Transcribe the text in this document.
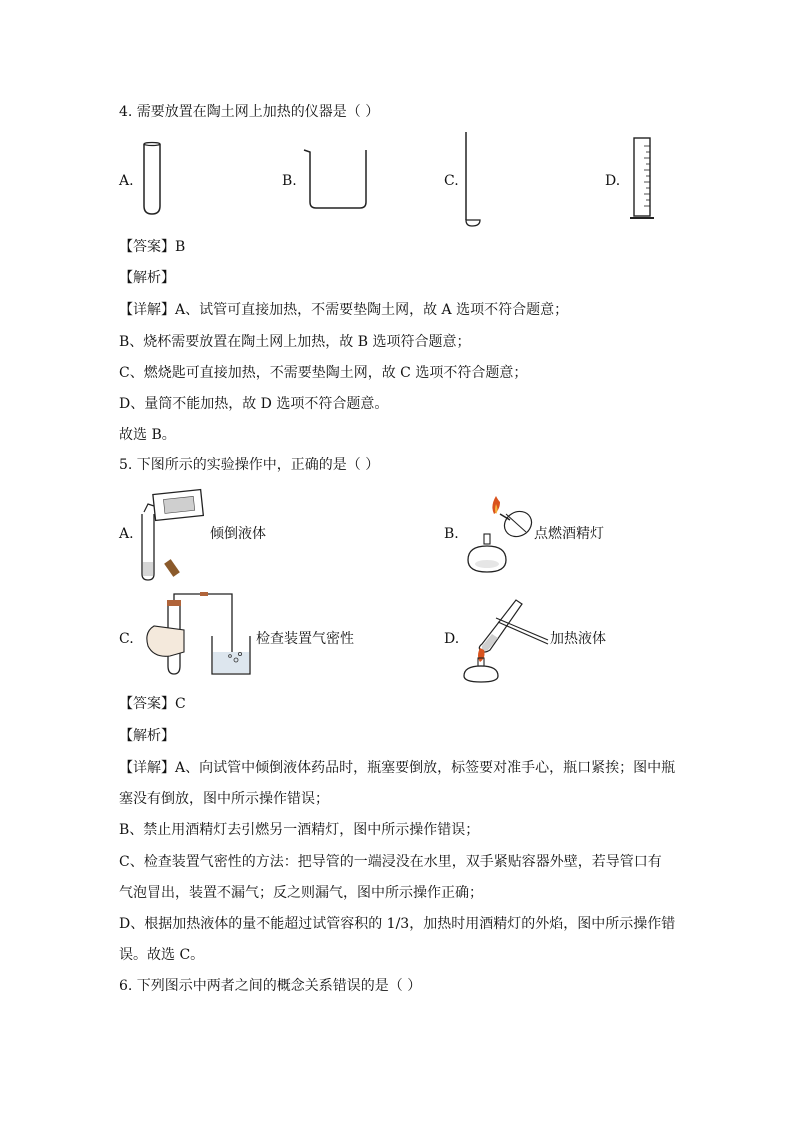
4. 需要放置在陶土网上加热的仪器是（ ）
A.	B.	C.	D.
【答案】B
【解析】
【详解】A、试管可直接加热，不需要垫陶土网，故 A 选项不符合题意；
B、烧杯需要放置在陶土网上加热，故 B 选项符合题意；
C、燃烧匙可直接加热，不需要垫陶土网，故 C 选项不符合题意；
D、量筒不能加热，故 D 选项不符合题意。
故选 B。
5. 下图所示的实验操作中，正确的是（ ）
A.	倾倒液体	B.	点燃酒精灯
C.	检查装置气密性	D.	加热液体
【答案】C
【解析】
【详解】A、向试管中倾倒液体药品时，瓶塞要倒放，标签要对准手心，瓶口紧挨；图中瓶
塞没有倒放，图中所示操作错误；
B、禁止用酒精灯去引燃另一酒精灯，图中所示操作错误；
C、检查装置气密性的方法：把导管的一端浸没在水里，双手紧贴容器外壁，若导管口有
气泡冒出，装置不漏气；反之则漏气，图中所示操作正确；
D、根据加热液体的量不能超过试管容积的 1/3，加热时用酒精灯的外焰，图中所示操作错
误。故选 C。
6. 下列图示中两者之间的概念关系错误的是（ ）
